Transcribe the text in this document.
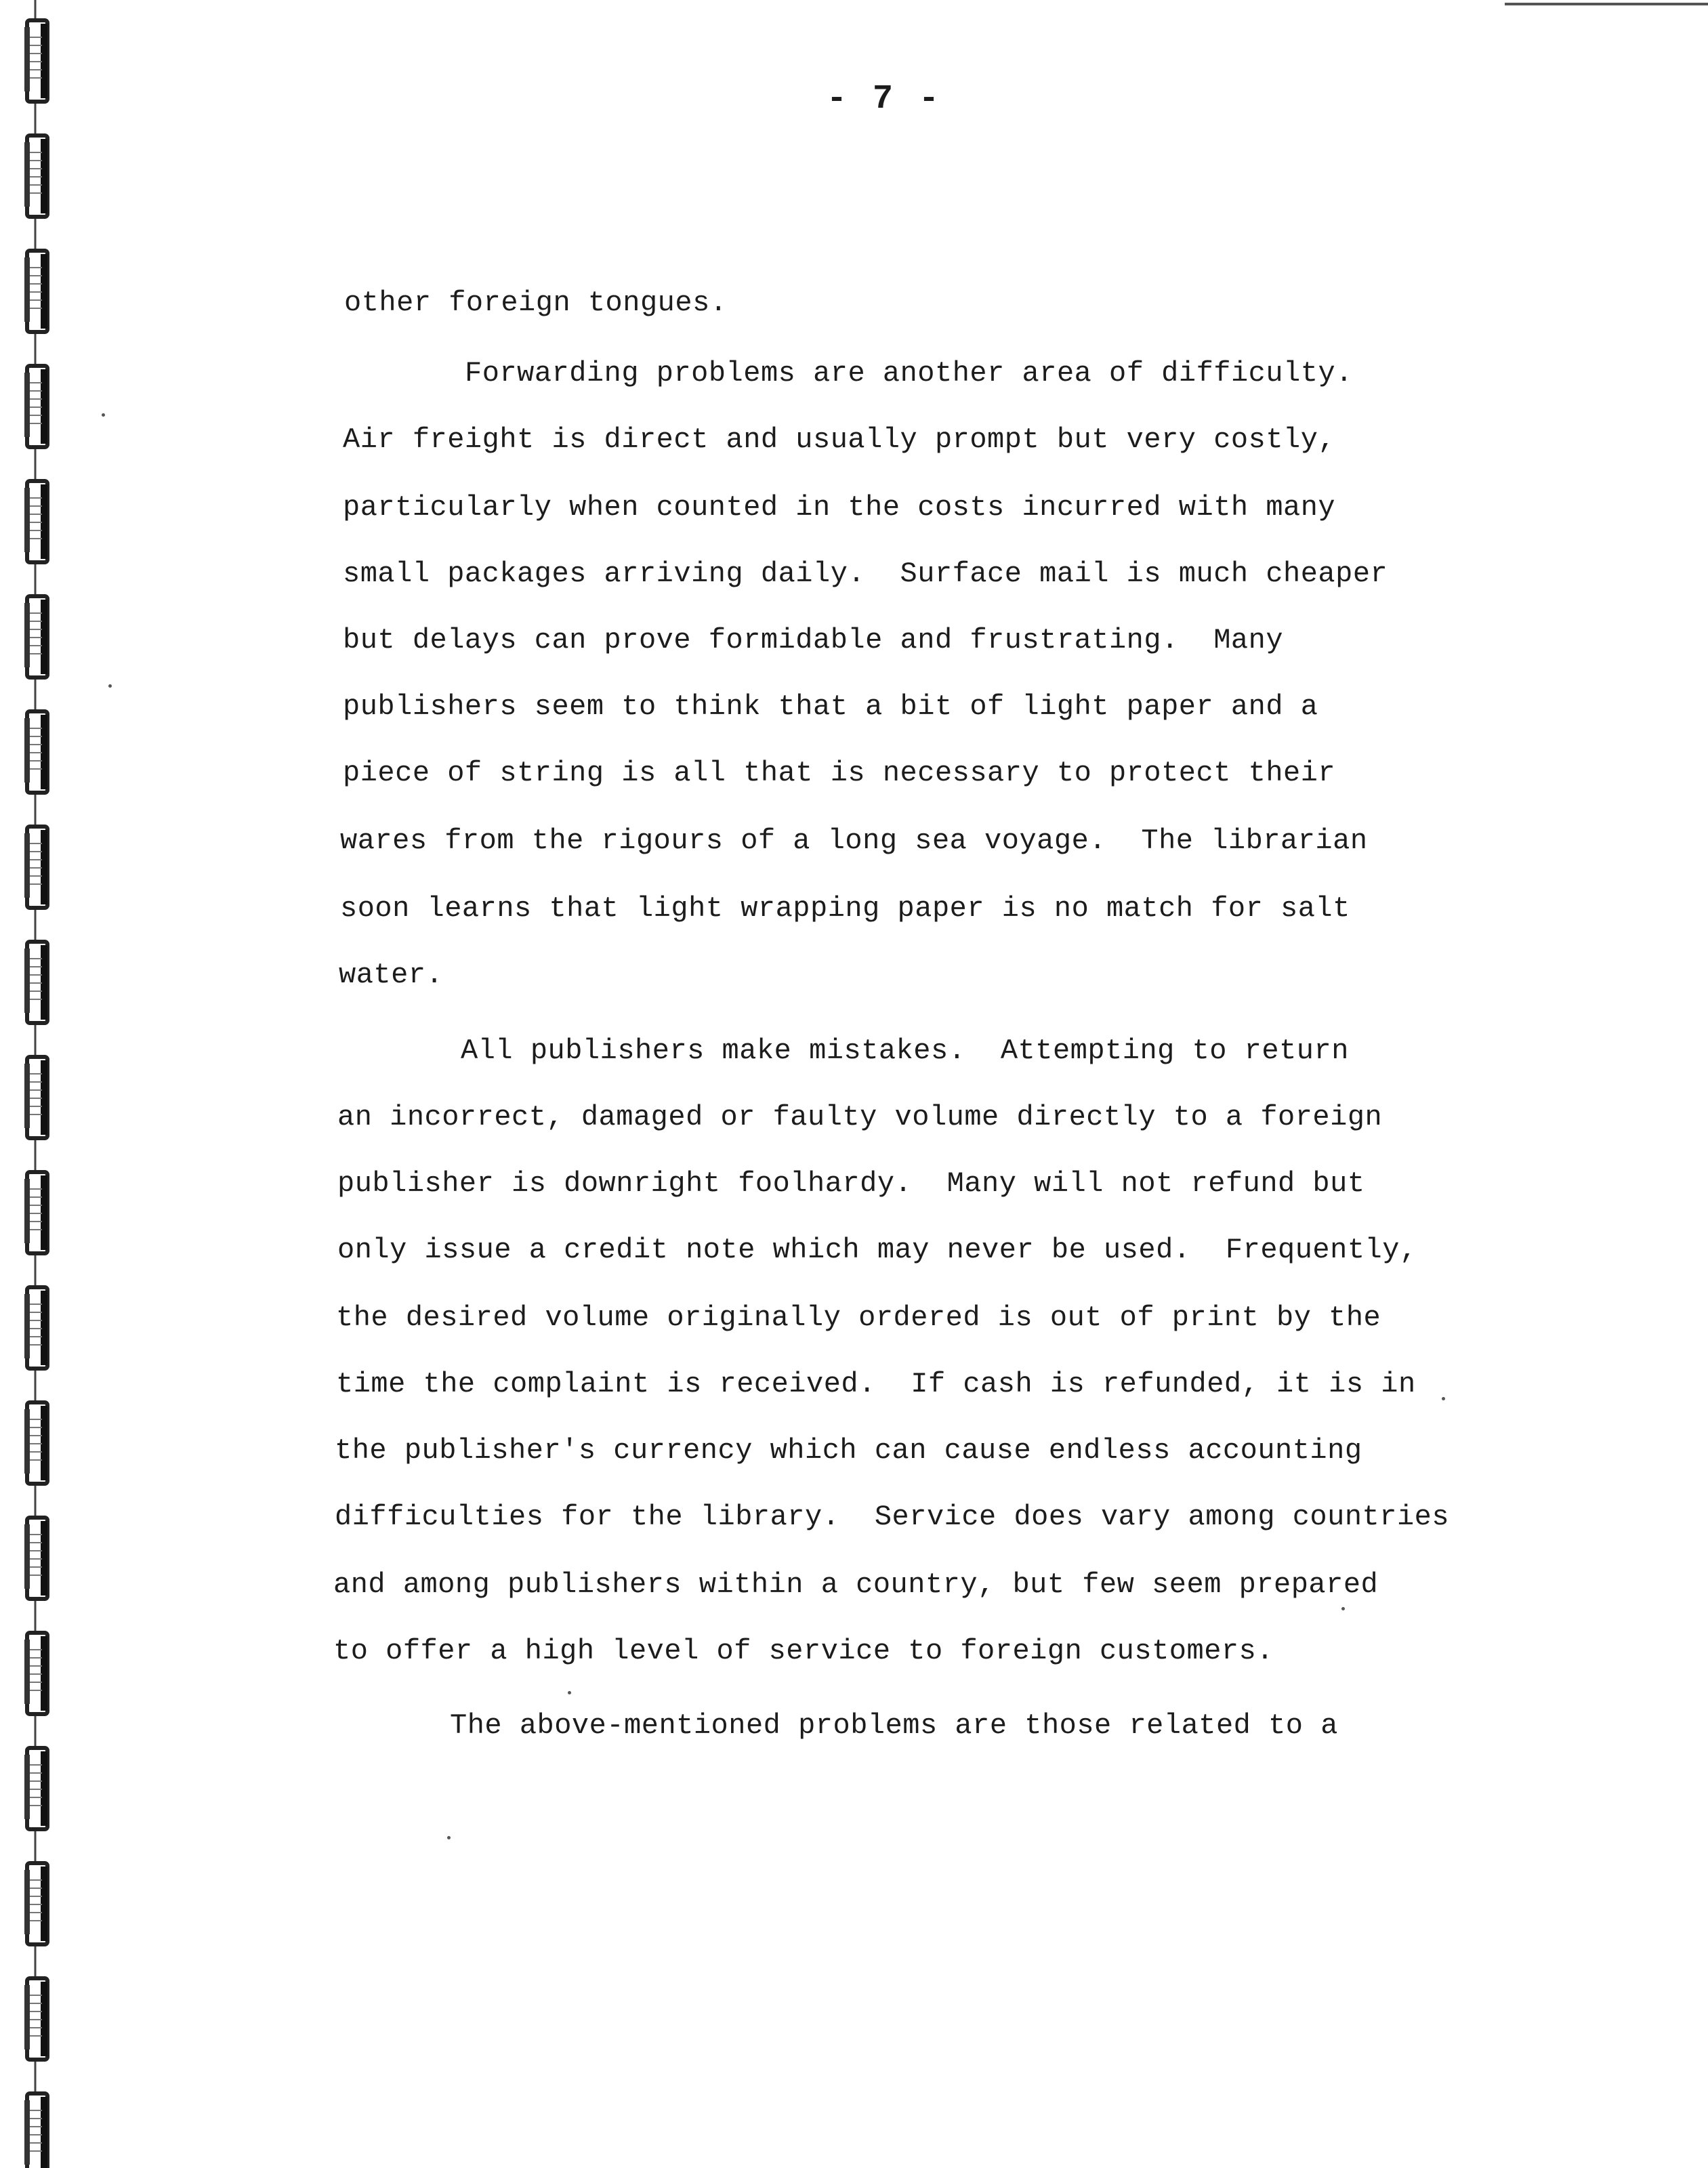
- 7 -
other foreign tongues.
Forwarding problems are another area of difficulty.
Air freight is direct and usually prompt but very costly,
particularly when counted in the costs incurred with many
small packages arriving daily.  Surface mail is much cheaper
but delays can prove formidable and frustrating.  Many
publishers seem to think that a bit of light paper and a
piece of string is all that is necessary to protect their
wares from the rigours of a long sea voyage.  The librarian
soon learns that light wrapping paper is no match for salt
water.
All publishers make mistakes.  Attempting to return
an incorrect, damaged or faulty volume directly to a foreign
publisher is downright foolhardy.  Many will not refund but
only issue a credit note which may never be used.  Frequently,
the desired volume originally ordered is out of print by the
time the complaint is received.  If cash is refunded, it is in
the publisher's currency which can cause endless accounting
difficulties for the library.  Service does vary among countries
and among publishers within a country, but few seem prepared
to offer a high level of service to foreign customers.
The above-mentioned problems are those related to a
